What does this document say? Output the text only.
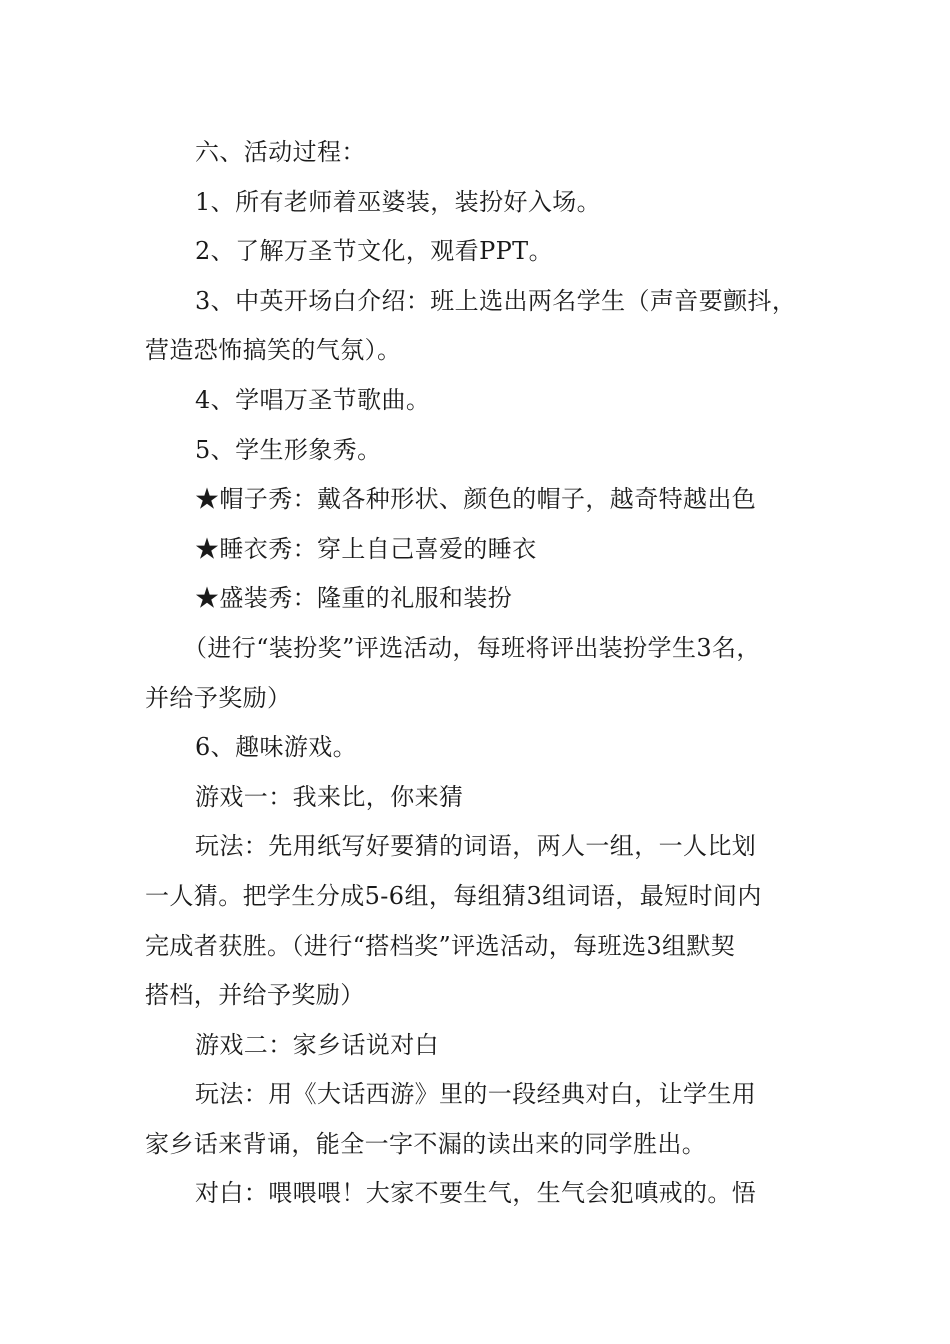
六、活动过程：
1、所有老师着巫婆装，装扮好入场。
2、了解万圣节文化，观看PPT。
3、中英开场白介绍：班上选出两名学生（声音要颤抖，
营造恐怖搞笑的气氛）。
4、学唱万圣节歌曲。
5、学生形象秀。
★帽子秀：戴各种形状、颜色的帽子，越奇特越出色
★睡衣秀：穿上自己喜爱的睡衣
★盛装秀：隆重的礼服和装扮
（进行“装扮奖”评选活动，每班将评出装扮学生3名，
并给予奖励）
6、趣味游戏。
游戏一：我来比，你来猜
玩法：先用纸写好要猜的词语，两人一组，一人比划
一人猜。把学生分成5-6组，每组猜3组词语，最短时间内
完成者获胜。（进行“搭档奖”评选活动，每班选3组默契
搭档，并给予奖励）
游戏二：家乡话说对白
玩法：用《大话西游》里的一段经典对白，让学生用
家乡话来背诵，能全一字不漏的读出来的同学胜出。
对白：喂喂喂！大家不要生气，生气会犯嗔戒的。悟
